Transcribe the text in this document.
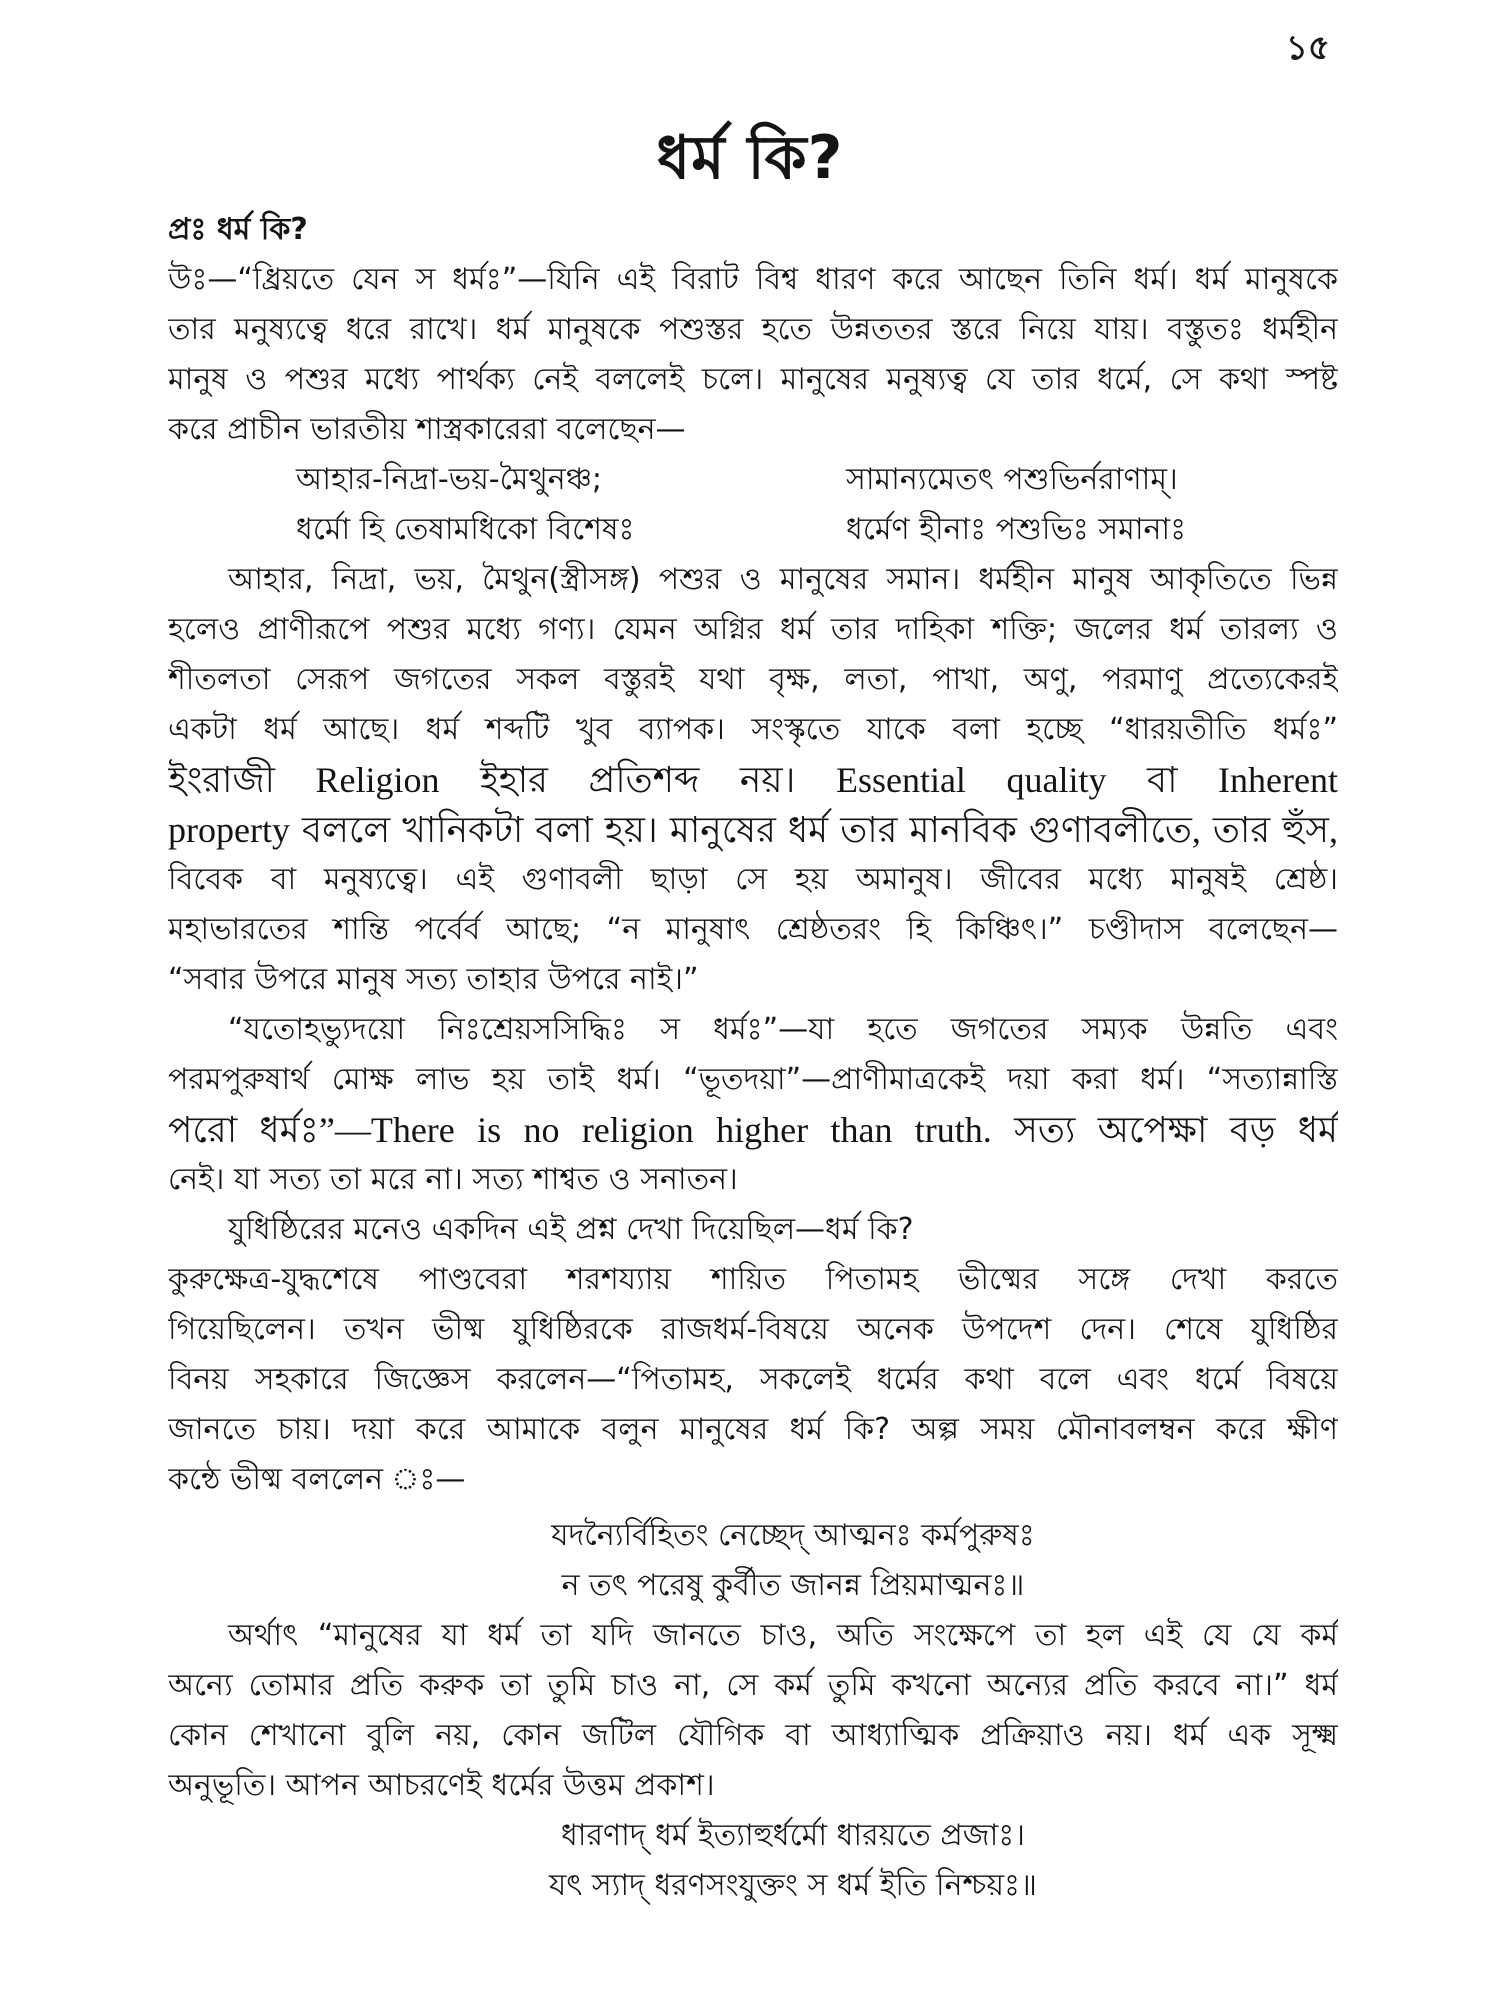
১৫
ধর্ম কি?
প্রঃ ধর্ম কি?
উঃ—“ধ্রিয়তে যেন স ধর্মঃ”—যিনি এই বিরাট বিশ্ব ধারণ করে আছেন তিনি ধর্ম। ধর্ম মানুষকে
তার মনুষ্যত্বে ধরে রাখে। ধর্ম মানুষকে পশুস্তর হতে উন্নততর স্তরে নিয়ে যায়। বস্তুতঃ ধর্মহীন
মানুষ ও পশুর মধ্যে পার্থক্য নেই বললেই চলে। মানুষের মনুষ্যত্ব যে তার ধর্মে, সে কথা স্পষ্ট
করে প্রাচীন ভারতীয় শাস্ত্রকারেরা বলেছেন—
আহার-নিদ্রা-ভয়-মৈথুনঞ্চ;	সামান্যমেতৎ পশুভির্নরাণাম্।
ধর্মো হি তেষামধিকো বিশেষঃ	ধর্মেণ হীনাঃ পশুভিঃ সমানাঃ
আহার, নিদ্রা, ভয়, মৈথুন(স্ত্রীসঙ্গ) পশুর ও মানুষের সমান। ধর্মহীন মানুষ আকৃতিতে ভিন্ন
হলেও প্রাণীরূপে পশুর মধ্যে গণ্য। যেমন অগ্নির ধর্ম তার দাহিকা শক্তি; জলের ধর্ম তারল্য ও
শীতলতা সেরূপ জগতের সকল বস্তুরই যথা বৃক্ষ, লতা, পাখা, অণু, পরমাণু প্রত্যেকেরই
একটা ধর্ম আছে। ধর্ম শব্দটি খুব ব্যাপক। সংস্কৃতে যাকে বলা হচ্ছে “ধারয়তীতি ধর্মঃ”
ইংরাজী Religion ইহার প্রতিশব্দ নয়। Essential quality বা Inherent
property বললে খানিকটা বলা হয়। মানুষের ধর্ম তার মানবিক গুণাবলীতে, তার হুঁস,
বিবেক বা মনুষ্যত্বে। এই গুণাবলী ছাড়া সে হয় অমানুষ। জীবের মধ্যে মানুষই শ্রেষ্ঠ।
মহাভারতের শান্তি পর্বের্ব আছে; “ন মানুষাৎ শ্রেষ্ঠতরং হি কিঞ্চিৎ।” চণ্ডীদাস বলেছেন—
“সবার উপরে মানুষ সত্য তাহার উপরে নাই।”
“যতোহভ্যুদয়ো নিঃশ্রেয়সসিদ্ধিঃ স ধর্মঃ”—যা হতে জগতের সম্যক উন্নতি এবং
পরমপুরুষার্থ মোক্ষ লাভ হয় তাই ধর্ম। “ভূতদয়া”—প্রাণীমাত্রকেই দয়া করা ধর্ম। “সত্যান্নাস্তি
পরো ধর্মঃ”—There is no religion higher than truth. সত্য অপেক্ষা বড় ধর্ম
নেই। যা সত্য তা মরে না। সত্য শাশ্বত ও সনাতন।
যুধিষ্ঠিরের মনেও একদিন এই প্রশ্ন দেখা দিয়েছিল—ধর্ম কি?
কুরুক্ষেত্র-যুদ্ধশেষে পাণ্ডবেরা শরশয্যায় শায়িত পিতামহ ভীষ্মের সঙ্গে দেখা করতে
গিয়েছিলেন। তখন ভীষ্ম যুধিষ্ঠিরকে রাজধর্ম-বিষয়ে অনেক উপদেশ দেন। শেষে যুধিষ্ঠির
বিনয় সহকারে জিজ্ঞেস করলেন—“পিতামহ, সকলেই ধর্মের কথা বলে এবং ধর্মে বিষয়ে
জানতে চায়। দয়া করে আমাকে বলুন মানুষের ধর্ম কি? অল্প সময় মৌনাবলম্বন করে ক্ষীণ
কন্ঠে ভীষ্ম বললেন ঃ—
যদন্যৈর্বিহিতং নেচ্ছেদ্ আত্মনঃ কর্মপুরুষঃ
ন তৎ পরেষু কুর্বীত জানন্ন প্রিয়মাত্মনঃ॥
অর্থাৎ “মানুষের যা ধর্ম তা যদি জানতে চাও, অতি সংক্ষেপে তা হল এই যে যে কর্ম
অন্যে তোমার প্রতি করুক তা তুমি চাও না, সে কর্ম তুমি কখনো অন্যের প্রতি করবে না।” ধর্ম
কোন শেখানো বুলি নয়, কোন জটিল যৌগিক বা আধ্যাত্মিক প্রক্রিয়াও নয়। ধর্ম এক সূক্ষ্ম
অনুভূতি। আপন আচরণেই ধর্মের উত্তম প্রকাশ।
ধারণাদ্ ধর্ম ইত্যাহুর্ধর্মো ধারয়তে প্রজাঃ।
যৎ স্যাদ্ ধরণসংযুক্তং স ধর্ম ইতি নিশ্চয়ঃ॥
